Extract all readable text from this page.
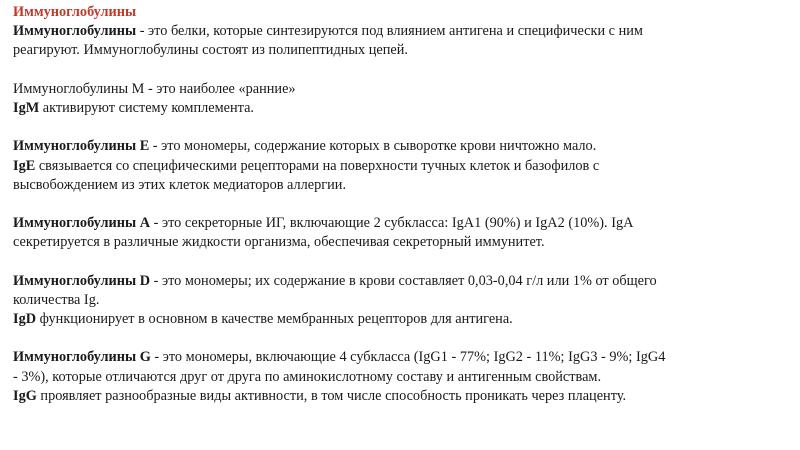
Иммуноглобулины
Иммуноглобулины - это белки, которые синтезируются под влиянием антигена и специфически с ним
реагируют. Иммуноглобулины состоят из полипептидных цепей.
Иммуноглобулины М - это наиболее «ранние»
IgM активируют систему комплемента.
Иммуноглобулины Е - это мономеры, содержание которых в сыворотке крови ничтожно мало.
IgE связывается со специфическими рецепторами на поверхности тучных клеток и базофилов с
высвобождением из этих клеток медиаторов аллергии.
Иммуноглобулины А - это секреторные ИГ, включающие 2 субкласса: IgA1 (90%) и IgA2 (10%). IgA
секретируется в различные жидкости организма, обеспечивая секреторный иммунитет.
Иммуноглобулины D - это мономеры; их содержание в крови составляет 0,03-0,04 г/л или 1% от общего
количества Ig.
IgD функционирует в основном в качестве мембранных рецепторов для антигена.
Иммуноглобулины G - это мономеры, включающие 4 субкласса (IgG1 - 77%; IgG2 - 11%; IgG3 - 9%; IgG4
- 3%), которые отличаются друг от друга по аминокислотному составу и антигенным свойствам.
IgG проявляет разнообразные виды активности, в том числе способность проникать через плаценту.
